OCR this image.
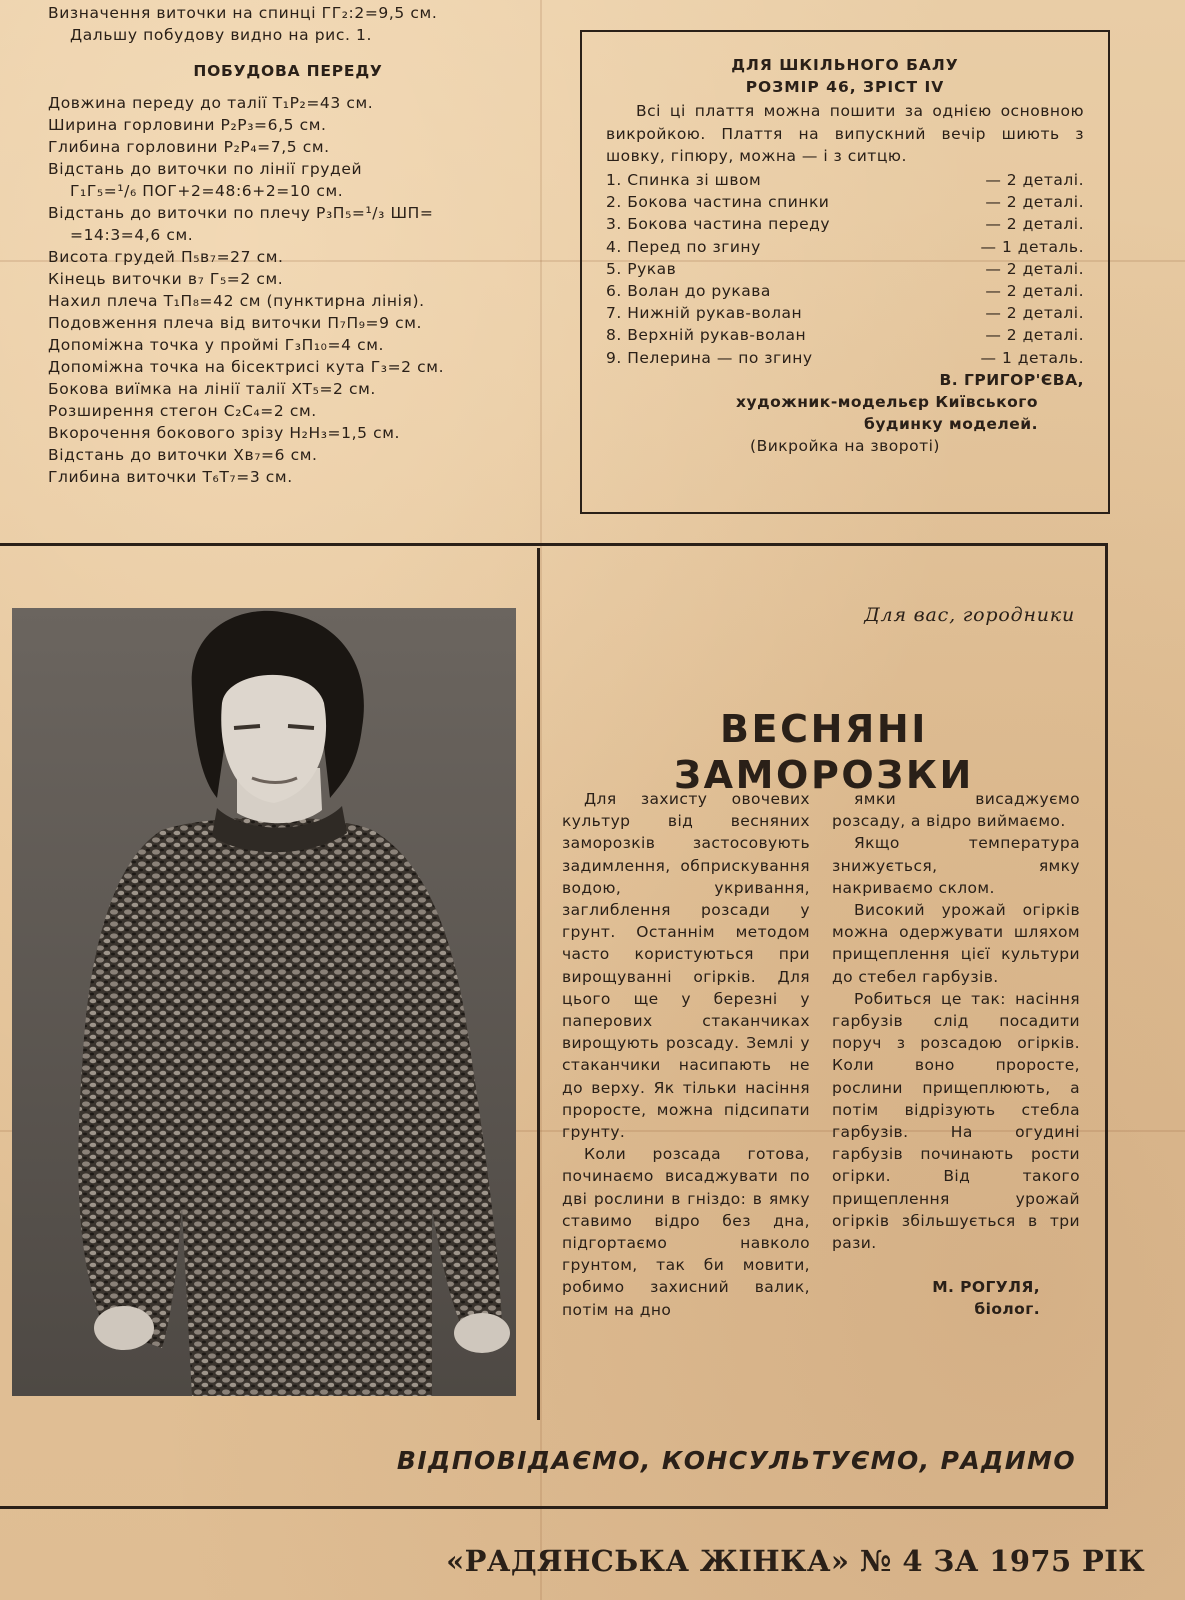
Визначення виточки на спинці ГГ₂:2=9,5 см.
Дальшу побудову видно на рис. 1.
ПОБУДОВА ПЕРЕДУ
Довжина переду до талії Т₁Р₂=43 см.
Ширина горловини Р₂Р₃=6,5 см.
Глибина горловини Р₂Р₄=7,5 см.
Відстань до виточки по лінії грудей
Г₁Г₅=¹/₆ ПОГ+2=48:6+2=10 см.
Відстань до виточки по плечу Р₃П₅=¹/₃ ШП=
=14:3=4,6 см.
Висота грудей П₅в₇=27 см.
Кінець виточки в₇ Г₅=2 см.
Нахил плеча Т₁П₈=42 см (пунктирна лінія).
Подовження плеча від виточки П₇П₉=9 см.
Допоміжна точка у проймі Г₃П₁₀=4 см.
Допоміжна точка на бісектрисі кута Г₃=2 см.
Бокова виїмка на лінії талії ХТ₅=2 см.
Розширення стегон С₂С₄=2 см.
Вкорочення бокового зрізу Н₂Н₃=1,5 см.
Відстань до виточки Хв₇=6 см.
Глибина виточки Т₆Т₇=3 см.
ДЛЯ ШКІЛЬНОГО БАЛУ
РОЗМІР 46, ЗРІСТ IV
Всі ці плаття можна пошити за однією основною викройкою. Плаття на випускний вечір шиють з шовку, гіпюру, можна — і з ситцю.
1. Спинка зі швом	— 2 деталі.
2. Бокова частина спинки	— 2 деталі.
3. Бокова частина переду	— 2 деталі.
4. Перед по згину	— 1 деталь.
5. Рукав	— 2 деталі.
6. Волан до рукава	— 2 деталі.
7. Нижній рукав-волан	— 2 деталі.
8. Верхній рукав-волан	— 2 деталі.
9. Пелерина — по згину	— 1 деталь.
В. ГРИГОР'ЄВА,
художник-модельєр Київського
будинку моделей.
(Викройка на звороті)
Для вас, городники
ВЕСНЯНІ ЗАМОРОЗКИ

Для захисту овочевих культур від весняних заморозків застосовують задимлення, обприскування водою, укривання, заглиблення розсади у грунт. Останнім методом часто користуються при вирощуванні огірків. Для цього ще у березні у паперових стаканчиках вирощують розсаду. Землі у стаканчики насипають не до верху. Як тільки насіння проросте, можна підсипати грунту.

Коли розсада готова, починаємо висаджувати по дві рослини в гніздо: в ямку ставимо відро без дна, підгортаємо навколо грунтом, так би мовити, робимо захисний валик, потім на дно

ямки висаджуємо розсаду, а відро виймаємо.

Якщо температура знижується, ямку накриваємо склом.

Високий урожай огірків можна одержувати шляхом прищеплення цієї культури до стебел гарбузів.

Робиться це так: насіння гарбузів слід посадити поруч з розсадою огірків. Коли воно проросте, рослини прищеплюють, а потім відрізують стебла гарбузів. На огудині гарбузів починають рости огірки. Від такого прищеплення урожай огірків збільшується в три рази.

М. РОГУЛЯ,
біолог.
ВІДПОВІДАЄМО, КОНСУЛЬТУЄМО, РАДИМО
«РАДЯНСЬКА ЖІНКА» № 4 ЗА 1975 РІК
